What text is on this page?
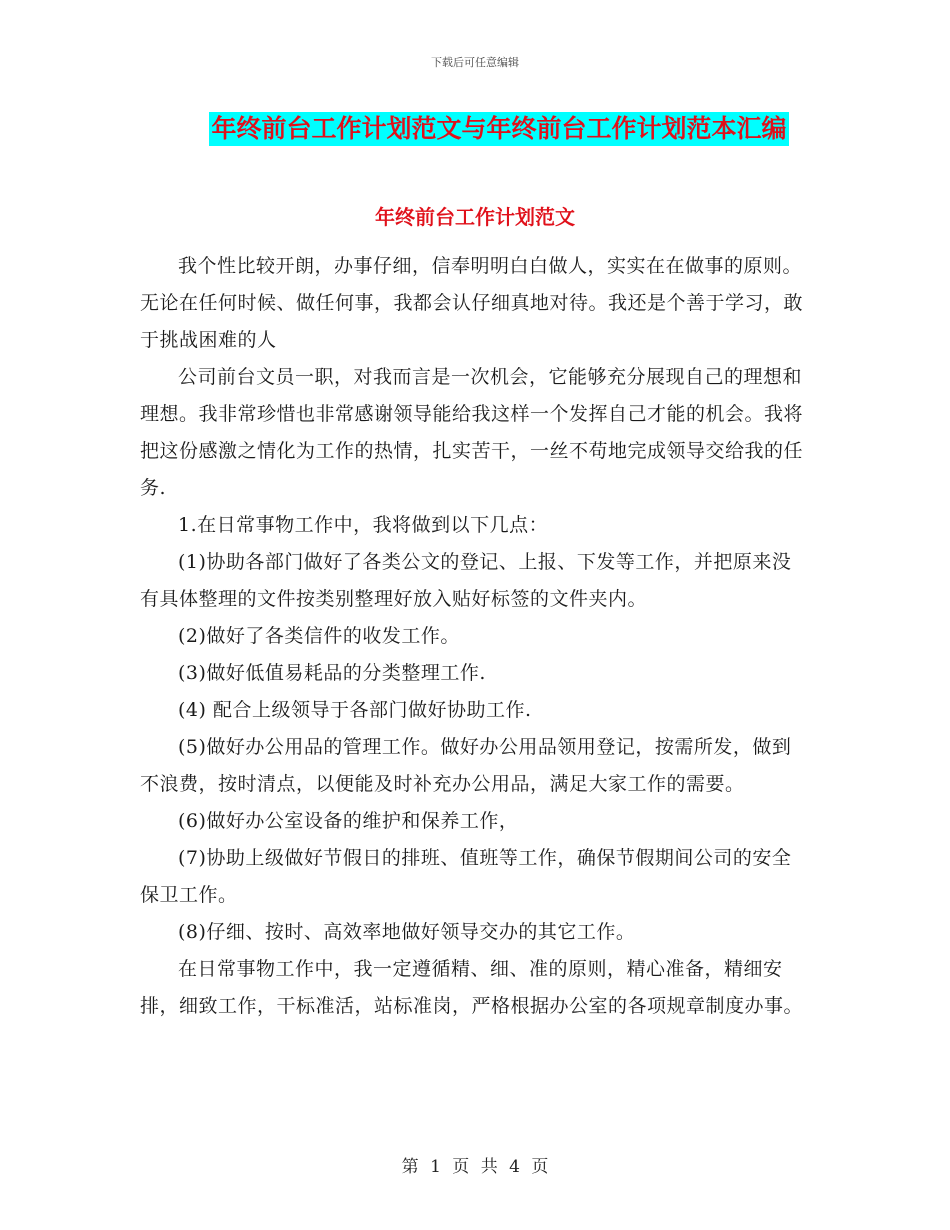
下载后可任意编辑
年终前台工作计划范文与年终前台工作计划范本汇编
年终前台工作计划范文

我个性比较开朗，办事仔细，信奉明明白白做人，实实在在做事的原则。无论在任何时候、做任何事，我都会认仔细真地对待。我还是个善于学习，敢于挑战困难的人

公司前台文员一职，对我而言是一次机会，它能够充分展现自己的理想和理想。我非常珍惜也非常感谢领导能给我这样一个发挥自己才能的机会。我将把这份感激之情化为工作的热情，扎实苦干，一丝不苟地完成领导交给我的任务.

1.在日常事物工作中，我将做到以下几点：

(1)协助各部门做好了各类公文的登记、上报、下发等工作，并把原来没有具体整理的文件按类别整理好放入贴好标签的文件夹内。

(2)做好了各类信件的收发工作。

(3)做好低值易耗品的分类整理工作.

(4) 配合上级领导于各部门做好协助工作.

(5)做好办公用品的管理工作。做好办公用品领用登记，按需所发，做到不浪费，按时清点，以便能及时补充办公用品，满足大家工作的需要。

(6)做好办公室设备的维护和保养工作，

(7)协助上级做好节假日的排班、值班等工作，确保节假期间公司的安全保卫工作。

(8)仔细、按时、高效率地做好领导交办的其它工作。

在日常事物工作中，我一定遵循精、细、准的原则，精心准备，精细安排，细致工作，干标准活，站标准岗，严格根据办公室的各项规章制度办事。

第 1 页 共 4 页
